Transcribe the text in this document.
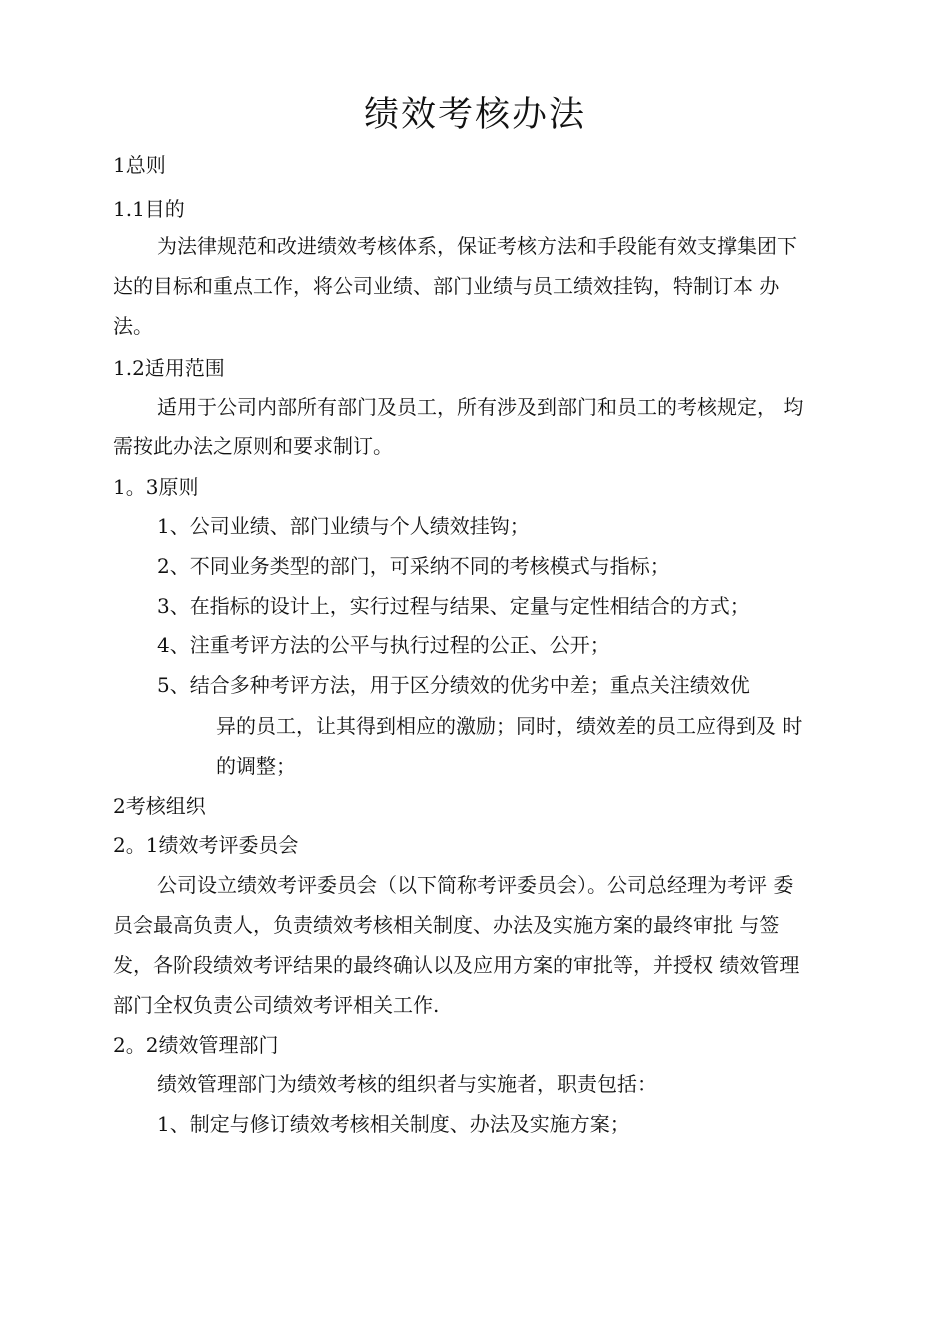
绩效考核办法
1总则
1.1目的
为法律规范和改进绩效考核体系，保证考核方法和手段能有效支撑集团下
达的目标和重点工作，将公司业绩、部门业绩与员工绩效挂钩，特制订本 办
法。
1.2适用范围
适用于公司内部所有部门及员工，所有涉及到部门和员工的考核规定， 均
需按此办法之原则和要求制订。
1。3原则
1、公司业绩、部门业绩与个人绩效挂钩；
2、不同业务类型的部门，可采纳不同的考核模式与指标；
3、在指标的设计上，实行过程与结果、定量与定性相结合的方式；
4、注重考评方法的公平与执行过程的公正、公开；
5、结合多种考评方法，用于区分绩效的优劣中差；重点关注绩效优
异的员工，让其得到相应的激励；同时，绩效差的员工应得到及 时
的调整；
2考核组织
2。1绩效考评委员会
公司设立绩效考评委员会（以下简称考评委员会）。公司总经理为考评 委
员会最高负责人，负责绩效考核相关制度、办法及实施方案的最终审批 与签
发，各阶段绩效考评结果的最终确认以及应用方案的审批等，并授权 绩效管理
部门全权负责公司绩效考评相关工作.
2。2绩效管理部门
绩效管理部门为绩效考核的组织者与实施者，职责包括：
1、制定与修订绩效考核相关制度、办法及实施方案；
